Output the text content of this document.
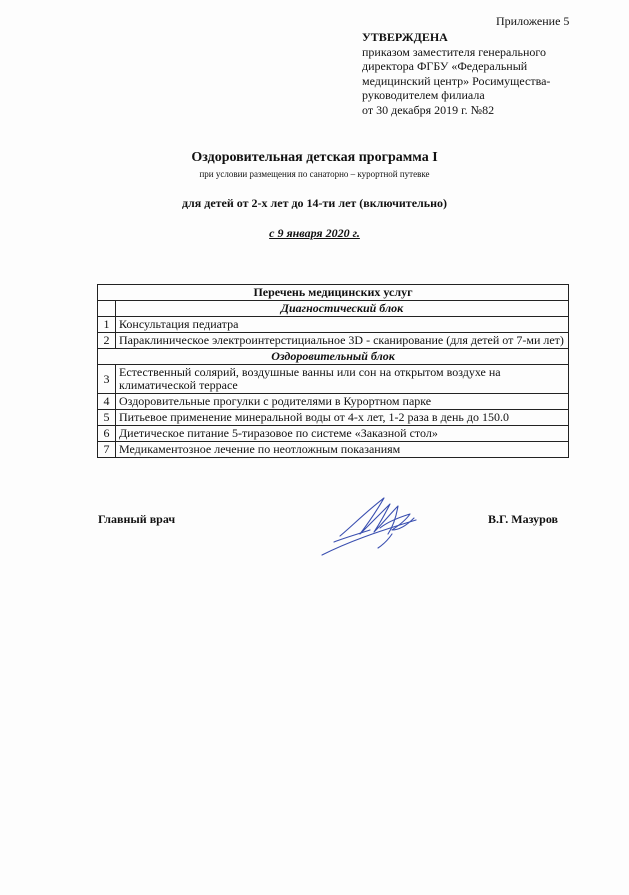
Приложение 5
УТВЕРЖДЕНА
приказом заместителя генерального
директора ФГБУ «Федеральный
медицинский центр» Росимущества-
руководителем филиала
от 30 декабря 2019 г. №82
Оздоровительная детская программа I
при условии размещения по санаторно – курортной путевке
для детей от 2-х лет до 14-ти лет (включительно)
с 9 января 2020 г.
Перечень медицинских услуг	
	Диагностический блок
1	Консультация педиатра
2	Параклиническое электроинтерстициальное 3D - сканирование (для детей от 7-ми лет)
Оздоровительный блок	
3	Естественный солярий, воздушные ванны или сон на открытом воздухе на климатической террасе
4	Оздоровительные прогулки с родителями в Курортном парке
5	Питьевое применение минеральной воды от 4-х лет, 1-2 раза в день до 150.0
6	Диетическое питание 5-тиразовое по системе «Заказной стол»
7	Медикаментозное лечение по неотложным показаниям
Главный врач	В.Г. Мазуров
